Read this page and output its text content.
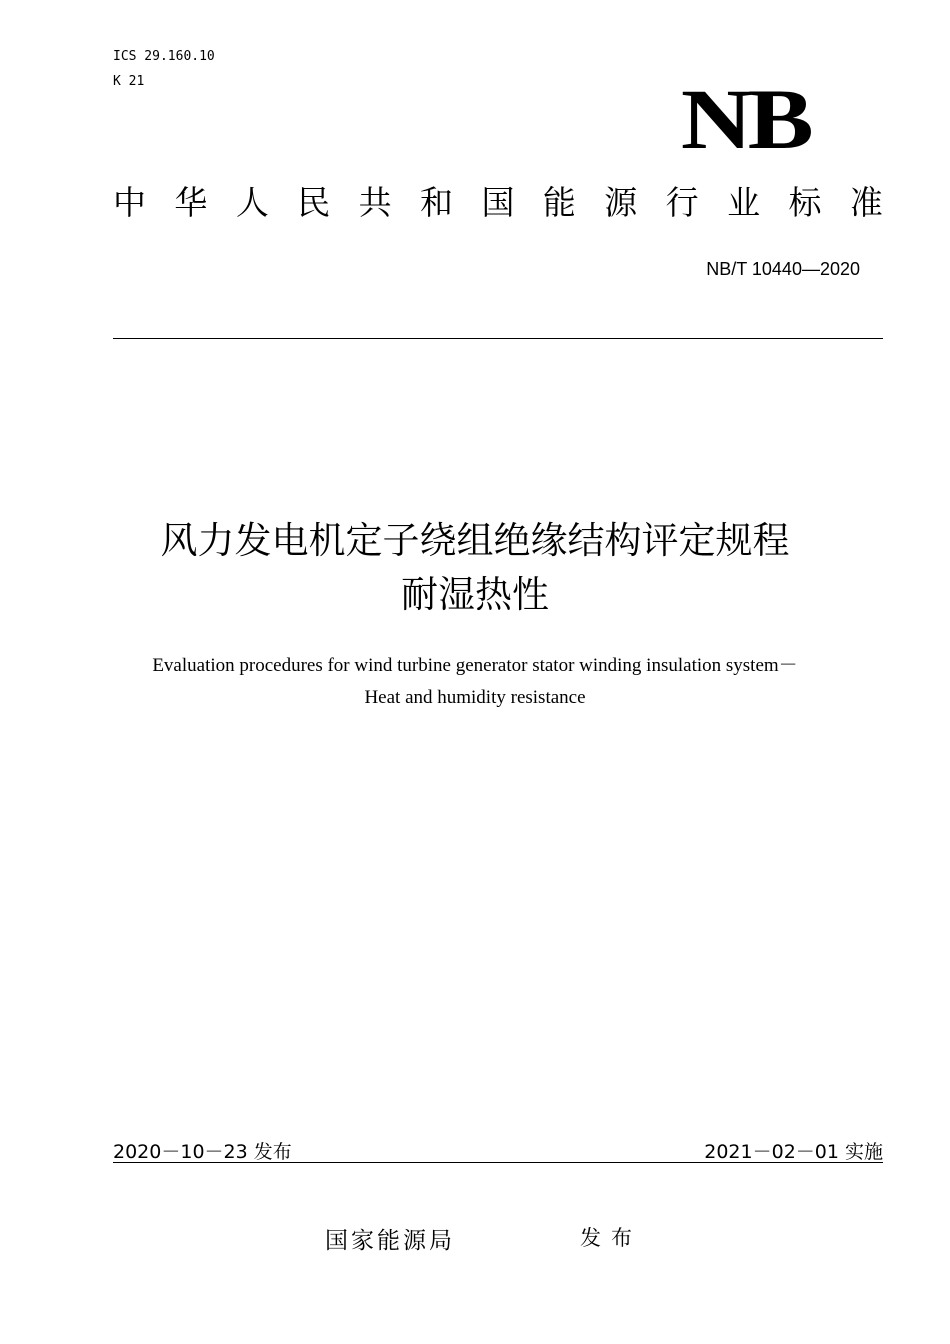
ICS 29.160.10
K 21	NB
中 华 人 民 共 和 国 能 源 行 业 标 准
NB/T 10440—2020
风力发电机定子绕组绝缘结构评定规程
耐湿热性
Evaluation procedures for wind turbine generator stator winding insulation system－
Heat and humidity resistance
2020－10－23 发布	2021－02－01 实施
国家能源局	发布
